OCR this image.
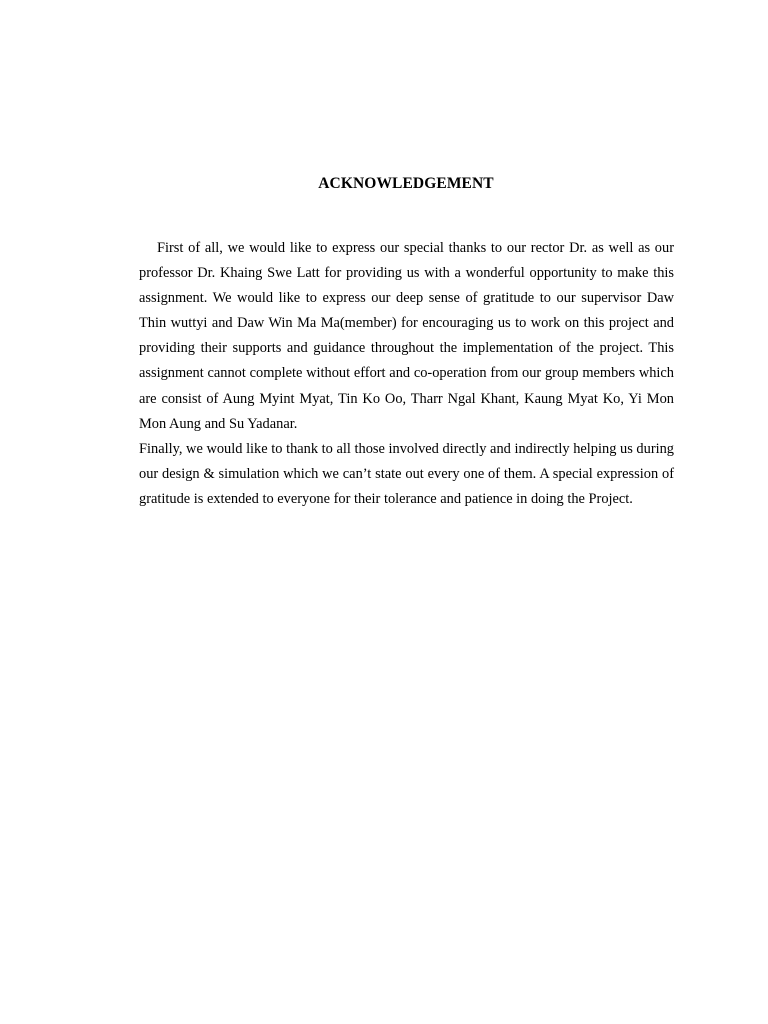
ACKNOWLEDGEMENT

First of all, we would like to express our special thanks to our rector Dr. as well as our professor Dr. Khaing Swe Latt for providing us with a wonderful opportunity to make this assignment. We would like to express our deep sense of gratitude to our supervisor Daw Thin wuttyi and Daw Win Ma Ma(member) for encouraging us to work on this project and providing their supports and guidance throughout the implementation of the project. This assignment cannot complete without effort and co-operation from our group members which are consist of Aung Myint Myat, Tin Ko Oo, Tharr Ngal Khant, Kaung Myat Ko, Yi Mon Mon Aung and Su Yadanar.

Finally, we would like to thank to all those involved directly and indirectly helping us during our design & simulation which we can’t state out every one of them. A special expression of gratitude is extended to everyone for their tolerance and patience in doing the Project.
